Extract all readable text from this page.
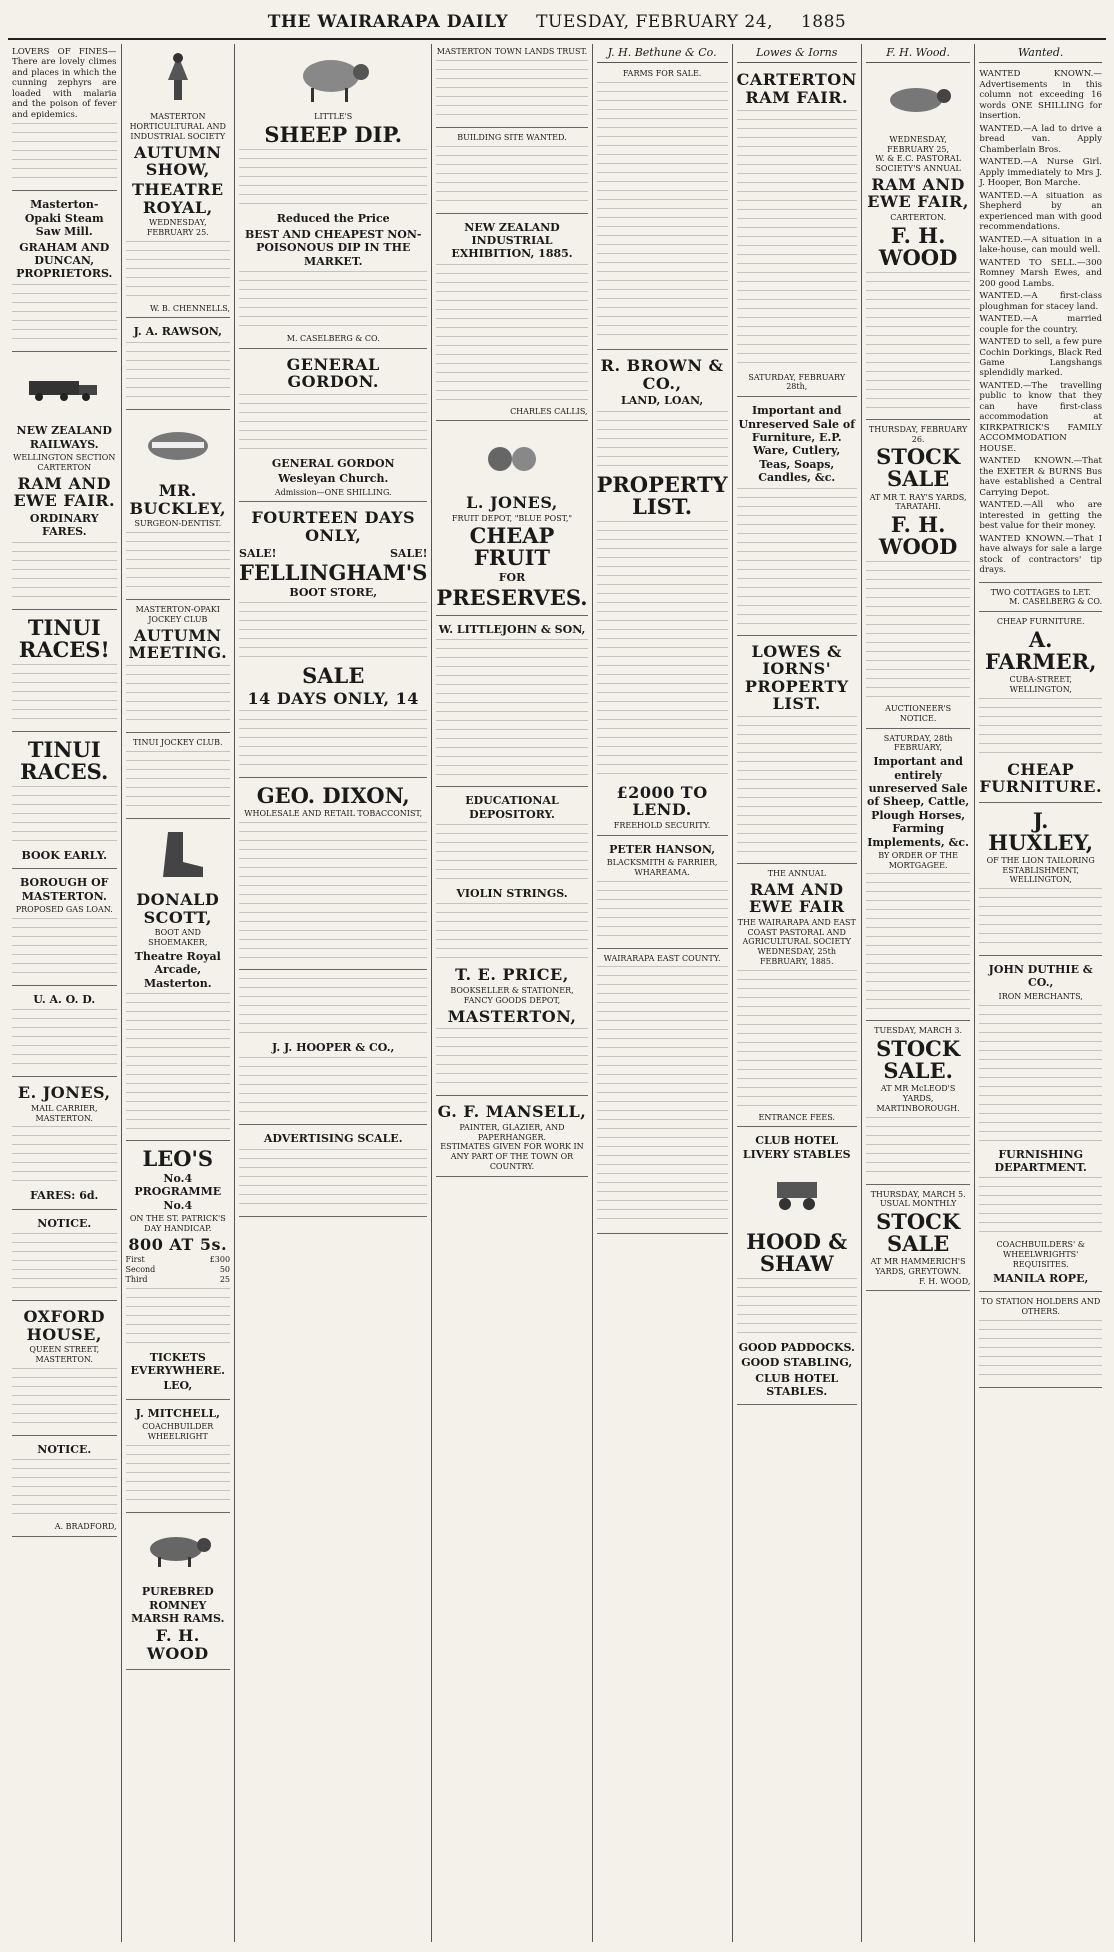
THE WAIRARAPA DAILY TUESDAY, FEBRUARY 24, 1885

LOVERS OF FINES—There are lovely climes and places in which the cunning zephyrs are loaded with malaria and the poison of fever and epidemics.

Masterton-Opaki Steam Saw Mill.
GRAHAM AND DUNCAN, PROPRIETORS.
NEW ZEALAND RAILWAYS.
WELLINGTON SECTION
CARTERTON
RAM AND EWE FAIR.
ORDINARY FARES.
TINUI RACES!
TINUI RACES.
BOOK EARLY.
BOROUGH OF MASTERTON.
PROPOSED GAS LOAN.
U. A. O. D.
E. JONES,
MAIL CARRIER, MASTERTON.
FARES: 6d.
NOTICE.
OXFORD HOUSE,
QUEEN STREET, MASTERTON.
NOTICE.
A. BRADFORD,
MASTERTON HORTICULTURAL AND INDUSTRIAL SOCIETY
AUTUMN SHOW,
THEATRE ROYAL,
WEDNESDAY, FEBRUARY 25.
W. B. CHENNELLS,
J. A. RAWSON,
MR. BUCKLEY,
SURGEON-DENTIST.
MASTERTON-OPAKI JOCKEY CLUB
AUTUMN MEETING.
TINUI JOCKEY CLUB.
DONALD SCOTT,
BOOT AND SHOEMAKER,
Theatre Royal Arcade, Masterton.
LEO'S
No.4 PROGRAMME No.4
ON THE ST. PATRICK'S DAY HANDICAP.
800 AT 5s.
First	£300
Second	50
Third	25
TICKETS EVERYWHERE.
LEO,
J. MITCHELL,
COACHBUILDER WHEELRIGHT
PUREBRED ROMNEY MARSH RAMS.
F. H. WOOD
LITTLE'S
SHEEP DIP.
Reduced the Price
BEST AND CHEAPEST NON-POISONOUS DIP IN THE MARKET.
M. CASELBERG & CO.
GENERAL GORDON.
GENERAL GORDON
Wesleyan Church.
Admission—ONE SHILLING.
FOURTEEN DAYS ONLY,
SALE!	SALE!
FELLINGHAM'S
BOOT STORE,
SALE
14 DAYS ONLY, 14
GEO. DIXON,
WHOLESALE AND RETAIL TOBACCONIST,
J. J. HOOPER & CO.,
ADVERTISING SCALE.
MASTERTON TOWN LANDS TRUST.
BUILDING SITE WANTED.
NEW ZEALAND INDUSTRIAL EXHIBITION, 1885.
CHARLES CALLIS,
L. JONES,
FRUIT DEPOT, "BLUE POST,"
CHEAP FRUIT
FOR
PRESERVES.
W. LITTLEJOHN & SON,
EDUCATIONAL DEPOSITORY.
VIOLIN STRINGS.
T. E. PRICE,
BOOKSELLER & STATIONER,
FANCY GOODS DEPOT,
MASTERTON,
G. F. MANSELL,
PAINTER, GLAZIER, AND PAPERHANGER.
ESTIMATES GIVEN FOR WORK IN ANY PART OF THE TOWN OR COUNTRY.
J. H. Bethune & Co.
FARMS FOR SALE.
R. BROWN & CO.,
LAND, LOAN,
PROPERTY LIST.
£2000 TO LEND.
FREEHOLD SECURITY.
PETER HANSON,
BLACKSMITH & FARRIER, WHAREAMA.
WAIRARAPA EAST COUNTY.
Lowes & Iorns
CARTERTON RAM FAIR.
SATURDAY, FEBRUARY 28th,
Important and Unreserved Sale of Furniture, E.P. Ware, Cutlery, Teas, Soaps, Candles, &c.
LOWES & IORNS' PROPERTY LIST.
THE ANNUAL
RAM AND EWE FAIR
THE WAIRARAPA AND EAST COAST PASTORAL AND AGRICULTURAL SOCIETY
WEDNESDAY, 25th FEBRUARY, 1885.
ENTRANCE FEES.
CLUB HOTEL LIVERY STABLES
HOOD & SHAW
GOOD PADDOCKS.
GOOD STABLING,
CLUB HOTEL STABLES.
F. H. Wood.
WEDNESDAY, FEBRUARY 25,
W. & E.C. PASTORAL SOCIETY'S ANNUAL
RAM AND EWE FAIR,
CARTERTON.
F. H. WOOD
THURSDAY, FEBRUARY 26.
STOCK SALE
AT MR T. RAY'S YARDS, TARATAHI.
F. H. WOOD
AUCTIONEER'S NOTICE.
SATURDAY, 28th FEBRUARY,
Important and entirely unreserved Sale of Sheep, Cattle, Plough Horses, Farming Implements, &c.
BY ORDER OF THE MORTGAGEE.
TUESDAY, MARCH 3.
STOCK SALE.
AT MR McLEOD'S YARDS, MARTINBOROUGH.
THURSDAY, MARCH 5.
USUAL MONTHLY
STOCK SALE
AT MR HAMMERICH'S YARDS, GREYTOWN.
F. H. WOOD,
Wanted.

WANTED KNOWN.—Advertisements in this column not exceeding 16 words ONE SHILLING for insertion.

WANTED.—A lad to drive a bread van. Apply Chamberlain Bros.

WANTED.—A Nurse Girl. Apply immediately to Mrs J. J. Hooper, Bon Marche.

WANTED.—A situation as Shepherd by an experienced man with good recommendations.

WANTED.—A situation in a lake-house, can mould well.

WANTED TO SELL.—300 Romney Marsh Ewes, and 200 good Lambs.

WANTED.—A first-class ploughman for stacey land.

WANTED.—A married couple for the country.

WANTED to sell, a few pure Cochin Dorkings, Black Red Game Langshangs splendidly marked.

WANTED.—The travelling public to know that they can have first-class accommodation at KIRKPATRICK'S FAMILY ACCOMMODATION HOUSE.

WANTED KNOWN.—That the EXETER & BURNS Bus have established a Central Carrying Depot.

WANTED.—All who are interested in getting the best value for their money.

WANTED KNOWN.—That I have always for sale a large stock of contractors' tip drays.

TWO COTTAGES to LET.
M. CASELBERG & CO.
CHEAP FURNITURE.
A. FARMER,
CUBA-STREET, WELLINGTON,
CHEAP FURNITURE.
J. HUXLEY,
OF THE LION TAILORING ESTABLISHMENT, WELLINGTON,
JOHN DUTHIE & CO.,
IRON MERCHANTS,
FURNISHING DEPARTMENT.
COACHBUILDERS' & WHEELWRIGHTS' REQUISITES.
MANILA ROPE,
TO STATION HOLDERS AND OTHERS.
